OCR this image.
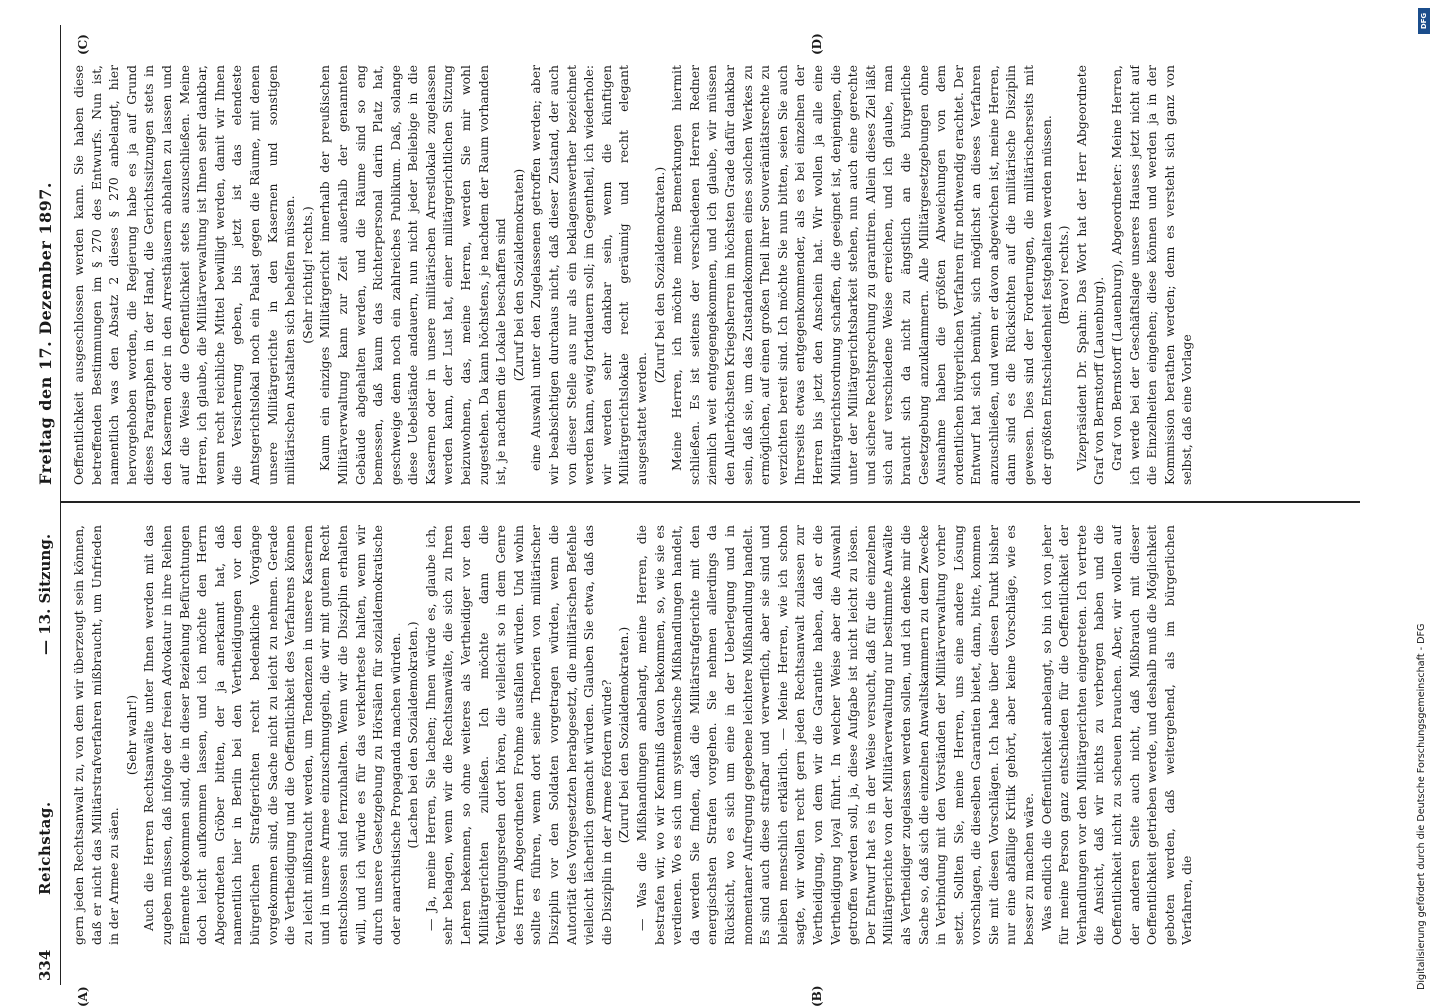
334
Reichstag.
— 13. Sitzung.
Freitag den 17. Dezember 1897.
(A)	(B)
(C)	(D)

gern jeden Rechtsanwalt zu, von dem wir überzeugt sein können, daß er nicht das Militärstrafverfahren mißbraucht, um Unfrieden in der Armee zu säen.

(Sehr wahr!) Auch die Herren Rechtsanwälte unter Ihnen werden mit das zugeben müssen, daß infolge der freien Advokatur in ihre Reihen Elemente gekommen sind, die in dieser Beziehung Befürchtungen doch leicht aufkommen lassen, und ich möchte den Herrn Abgeordneten Gröber bitten, der ja anerkannt hat, daß namentlich hier in Berlin bei den Vertheidigungen vor den bürgerlichen Strafgerichten recht bedenkliche Vorgänge vorgekommen sind, die Sache nicht zu leicht zu nehmen. Gerade die Vertheidigung und die Oeffentlichkeit des Verfahrens können zu leicht mißbraucht werden, um Tendenzen in unsere Kasernen und in unsere Armee einzuschmuggeln, die wir mit gutem Recht entschlossen sind fernzuhalten. Wenn wir die Disziplin erhalten will, und ich würde es für das verkehrteste halten, wenn wir durch unsere Gesetzgebung zu Hörsälen für sozialdemokratische oder anarchistische Propaganda machen würden. (Lachen bei den Sozialdemokraten.) — Ja, meine Herren, Sie lachen; Ihnen würde es, glaube ich, sehr behagen, wenn wir die Rechtsanwälte, die sich zu Ihren Lehren bekennen, so ohne weiteres als Vertheidiger vor den Militärgerichten zuließen. Ich möchte dann die Vertheidigungsreden dort hören, die vielleicht so in dem Genre des Herrn Abgeordneten Frohme ausfallen würden. Und wohin sollte es führen, wenn dort seine Theorien von militärischer Disziplin vor den Soldaten vorgetragen würden, wenn die Autorität des Vorgesetzten herabgesetzt, die militärischen Befehle vielleicht lächerlich gemacht würden. Glauben Sie etwa, daß das die Disziplin in der Armee fördern würde? (Zuruf bei den Sozialdemokraten.) — Was die Mißhandlungen anbelangt, meine Herren, die bestrafen wir, wo wir Kenntniß davon bekommen, so, wie sie es verdienen. Wo es sich um systematische Mißhandlungen handelt, da werden Sie finden, daß die Militärstrafgerichte mit den energischsten Strafen vorgehen. Sie nehmen allerdings da Rücksicht, wo es sich um eine in der Ueberlegung und in momentaner Aufregung gegebene leichtere Mißhandlung handelt. Es sind auch diese strafbar und verwerflich, aber sie sind und bleiben menschlich erklärlich. — Meine Herren, wie ich schon sagte, wir wollen recht gern jeden Rechtsanwalt zulassen zur Vertheidigung, von dem wir die Garantie haben, daß er die Vertheidigung loyal führt. In welcher Weise aber die Auswahl getroffen werden soll, ja, diese Aufgabe ist nicht leicht zu lösen. Der Entwurf hat es in der Weise versucht, daß für die einzelnen Militärgerichte von der Militärverwaltung nur bestimmte Anwälte als Vertheidiger zugelassen werden sollen, und ich denke mir die Sache so, daß sich die einzelnen Anwaltskammern zu dem Zwecke in Verbindung mit den Vorständen der Militärverwaltung vorher setzt. Sollten Sie, meine Herren, uns eine andere Lösung vorschlagen, die dieselben Garantien bietet, dann, bitte, kommen Sie mit diesen Vorschlägen. Ich habe über diesen Punkt bisher nur eine abfällige Kritik gehört, aber keine Vorschläge, wie es besser zu machen wäre. Was endlich die Oeffentlichkeit anbelangt, so bin ich von jeher für meine Person ganz entschieden für die Oeffentlichkeit der Verhandlungen vor den Militärgerichten eingetreten. Ich vertrete die Ansicht, daß wir nichts zu verbergen haben und die Oeffentlichkeit nicht zu scheuen brauchen. Aber, wir wollen auf der anderen Seite auch nicht, daß Mißbrauch mit dieser Oeffentlichkeit getrieben werde, und deshalb muß die Möglichkeit geboten werden, daß weitergehend, als im bürgerlichen Verfahren, die

Oeffentlichkeit ausgeschlossen werden kann. Sie haben diese betreffenden Bestimmungen im § 270 des Entwurfs. Nun ist, namentlich was den Absatz 2 dieses § 270 anbelangt, hier hervorgehoben worden, die Regierung habe es ja auf Grund dieses Paragraphen in der Hand, die Gerichtssitzungen stets in den Kasernen oder in den Arresthäusern abhalten zu lassen und auf die Weise die Oeffentlichkeit stets auszuschließen. Meine Herren, ich glaube, die Militärverwaltung ist Ihnen sehr dankbar, wenn recht reichliche Mittel bewilligt werden, damit wir Ihnen die Versicherung geben, bis jetzt ist das elendeste Amtsgerichtslokal noch ein Palast gegen die Räume, mit denen unsere Militärgerichte in den Kasernen und sonstigen militärischen Anstalten sich behelfen müssen. (Sehr richtig! rechts.) Kaum ein einziges Militärgericht innerhalb der preußischen Militärverwaltung kann zur Zeit außerhalb der genannten Gebäude abgehalten werden, und die Räume sind so eng bemessen, daß kaum das Richterpersonal darin Platz hat, geschweige denn noch ein zahlreiches Publikum. Daß, solange diese Uebelstände andauern, nun nicht jeder Beliebige in die Kasernen oder in unsere militärischen Arrestlokale zugelassen werden kann, der Lust hat, einer militärgerichtlichen Sitzung beizuwohnen, das, meine Herren, werden Sie mir wohl zugestehen. Da kann höchstens, je nachdem der Raum vorhanden ist, je nachdem die Lokale beschaffen sind (Zuruf bei den Sozialdemokraten) eine Auswahl unter den Zugelassenen getroffen werden; aber wir beabsichtigen durchaus nicht, daß dieser Zustand, der auch von dieser Stelle aus nur als ein beklagenswerther bezeichnet werden kann, ewig fortdauern soll; im Gegentheil, ich wiederhole: wir werden sehr dankbar sein, wenn die künftigen Militärgerichtslokale recht geräumig und recht elegant ausgestattet werden.

(Zuruf bei den Sozialdemokraten.) Meine Herren, ich möchte meine Bemerkungen hiermit schließen. Es ist seitens der verschiedenen Herren Redner ziemlich weit entgegengekommen, und ich glaube, wir müssen den Allerhöchsten Kriegsherren im höchsten Grade dafür dankbar sein, daß sie, um das Zustandekommen eines solchen Werkes zu ermöglichen, auf einen großen Theil ihrer Souveränitätsrechte zu verzichten bereit sind. Ich möchte Sie nun bitten, seien Sie auch Ihrerseits etwas entgegenkommender, als es bei einzelnen der Herren bis jetzt den Anschein hat. Wir wollen ja alle eine Militärgerichtsordnung schaffen, die geeignet ist, denjenigen, die unter der Militärgerichtsbarkeit stehen, nun auch eine gerechte und sichere Rechtsprechung zu garantiren. Allein dieses Ziel läßt sich auf verschiedene Weise erreichen, und ich glaube, man braucht sich da nicht zu ängstlich an die bürgerliche Gesetzgebung anzuklammern. Alle Militärgesetzgebungen ohne Ausnahme haben die größten Abweichungen von dem ordentlichen bürgerlichen Verfahren für nothwendig erachtet. Der Entwurf hat sich bemüht, sich möglichst an dieses Verfahren anzuschließen, und wenn er davon abgewichen ist, meine Herren, dann sind es die Rücksichten auf die militärische Disziplin gewesen. Dies sind der Forderungen, die militärischerseits mit der größten Entschiedenheit festgehalten werden müssen. (Bravo! rechts.) Vizepräsident Dr. Spahn: Das Wort hat der Herr Abgeordnete Graf von Bernstorff (Lauenburg). Graf von Bernstorff (Lauenburg), Abgeordneter: Meine Herren, ich werde bei der Geschäftslage unseres Hauses jetzt nicht auf die Einzelheiten eingehen; diese können und werden ja in der Kommission berathen werden; denn es versteht sich ganz von selbst, daß eine Vorlage

Digitalisierung gefördert durch die Deutsche Forschungsgemeinschaft - DFG
DFG
